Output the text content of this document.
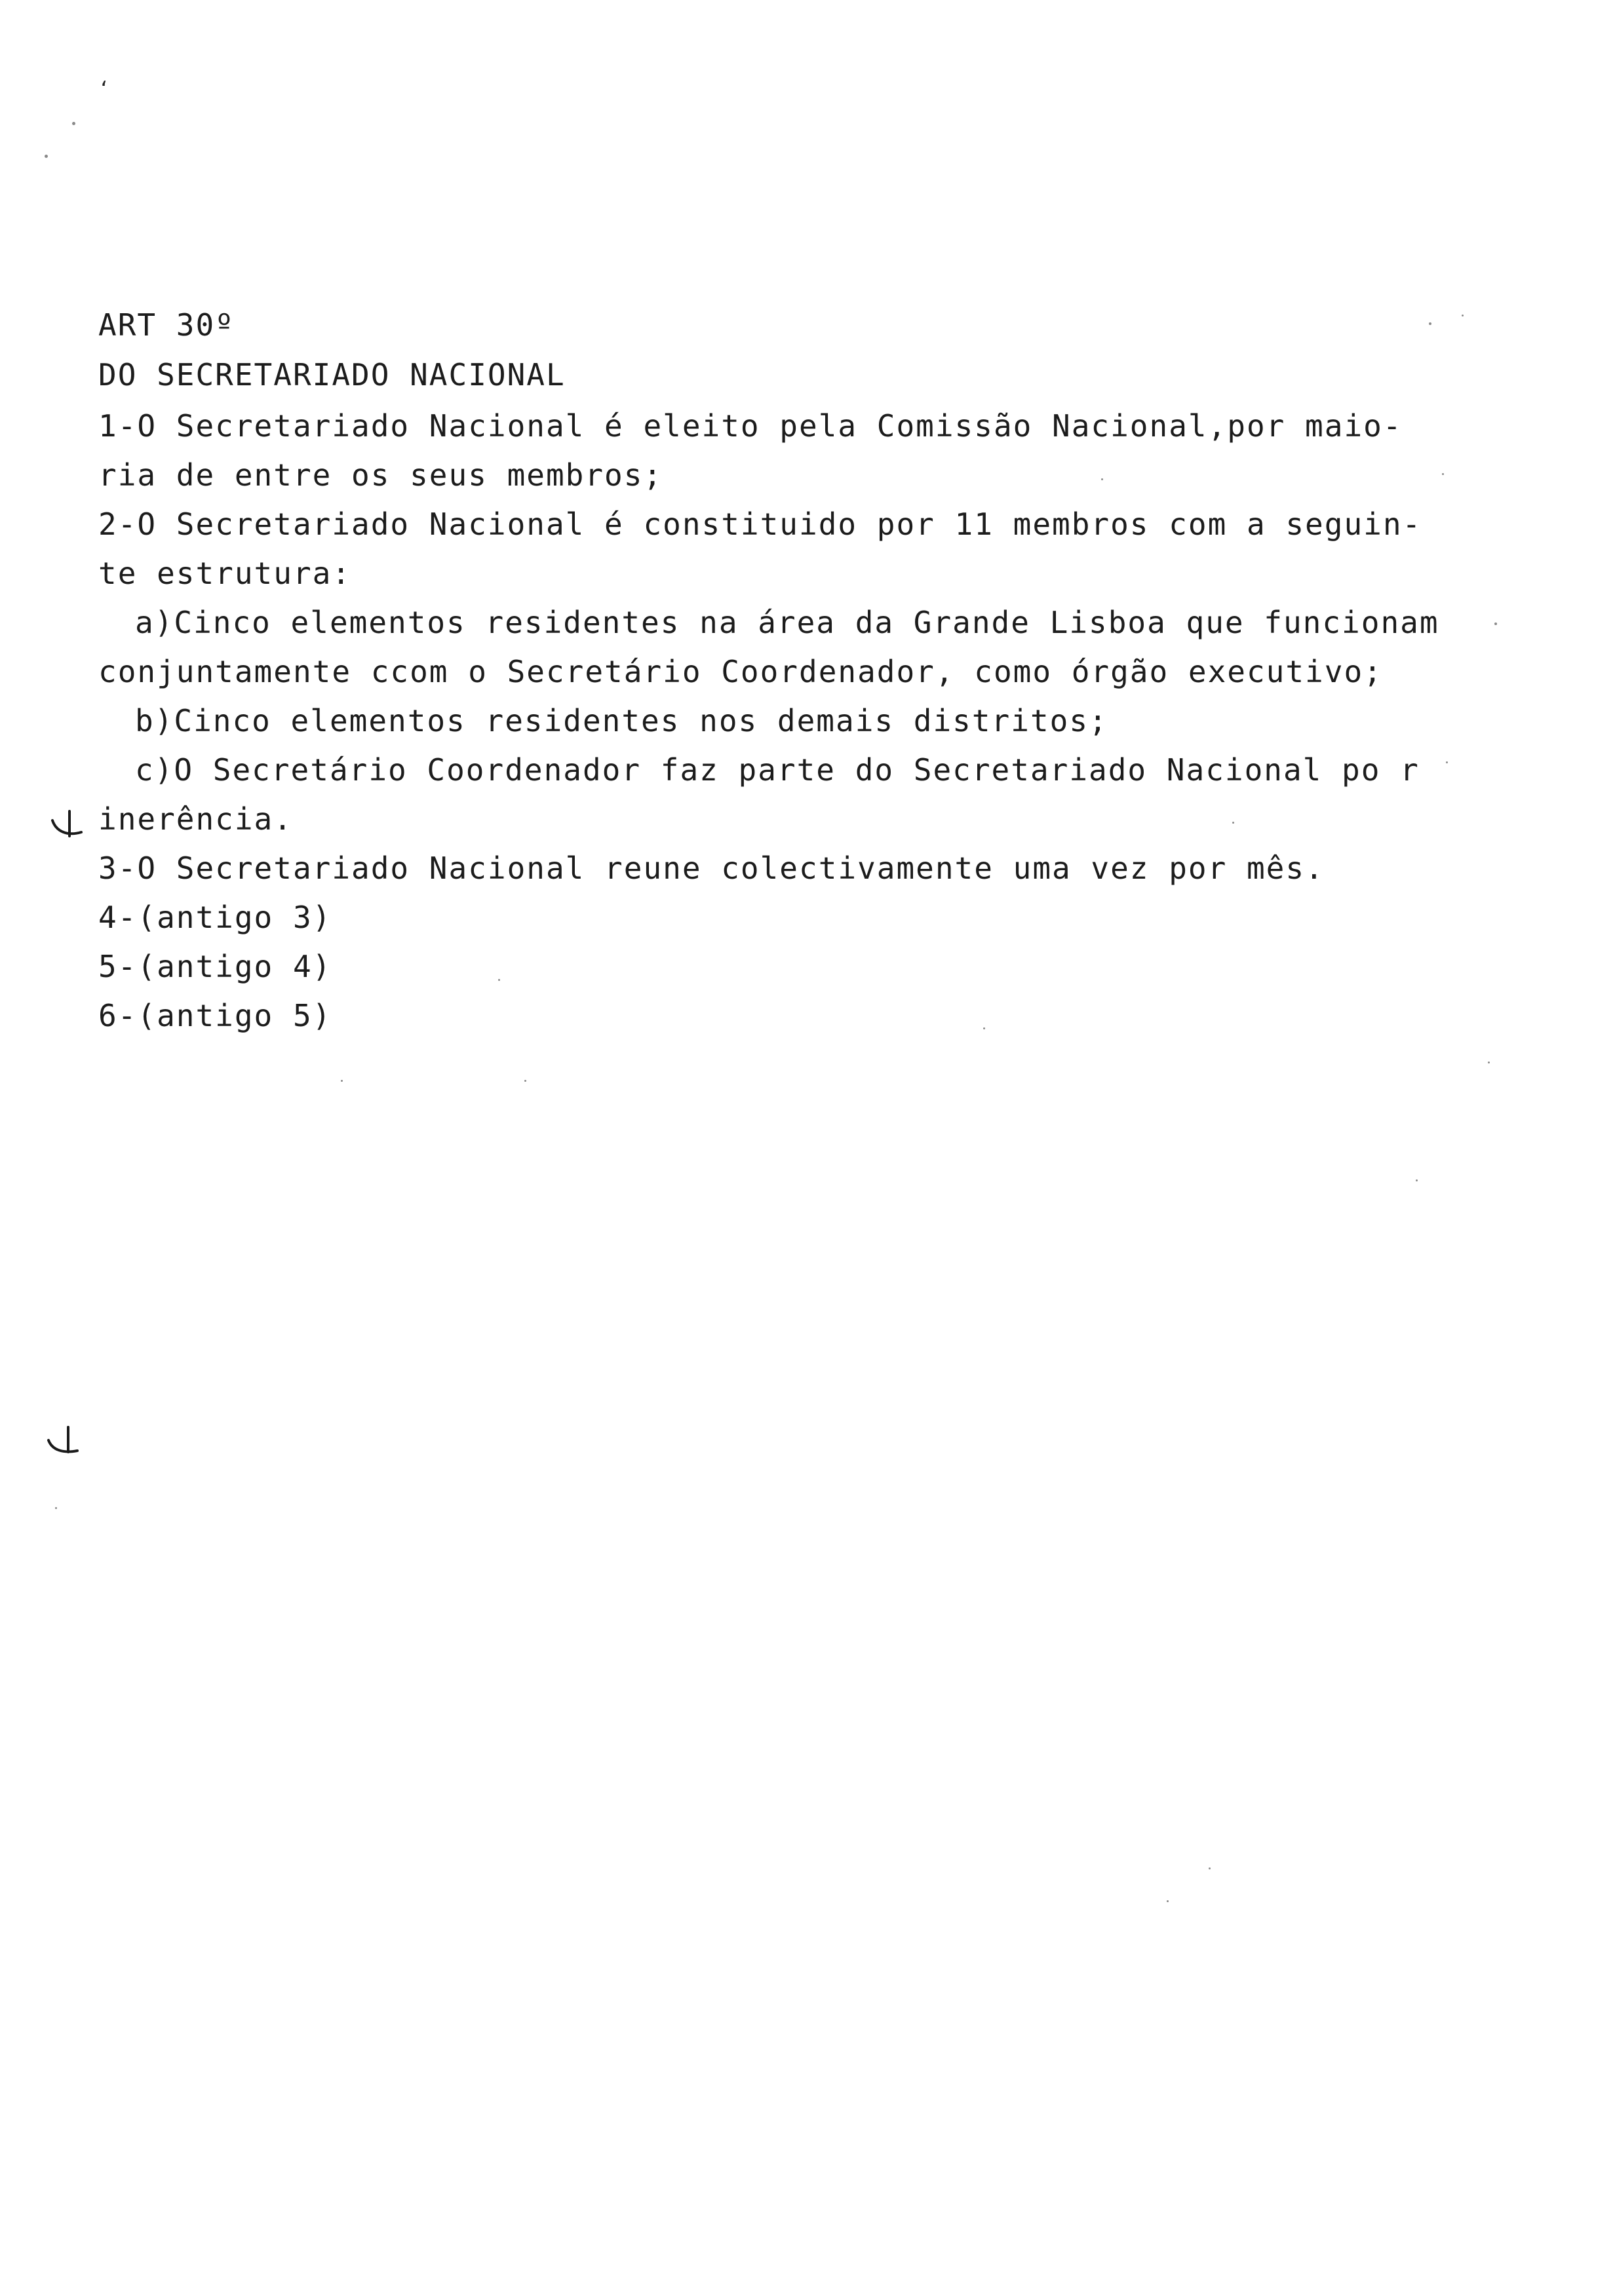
‘
ART 30º
DO SECRETARIADO NACIONAL
1-O Secretariado Nacional é eleito pela Comissão Nacional,por maio-
ria de entre os seus membros;
2-O Secretariado Nacional é constituido por 11 membros com a seguin-
te estrutura:
a)Cinco elementos residentes na área da Grande Lisboa que funcionam
conjuntamente ccom o Secretário Coordenador, como órgão executivo;
b)Cinco elementos residentes nos demais distritos;
c)O Secretário Coordenador faz parte do Secretariado Nacional po r
inerência.
3-O Secretariado Nacional reune colectivamente uma vez por mês.
4-(antigo 3)
5-(antigo 4)
6-(antigo 5)
